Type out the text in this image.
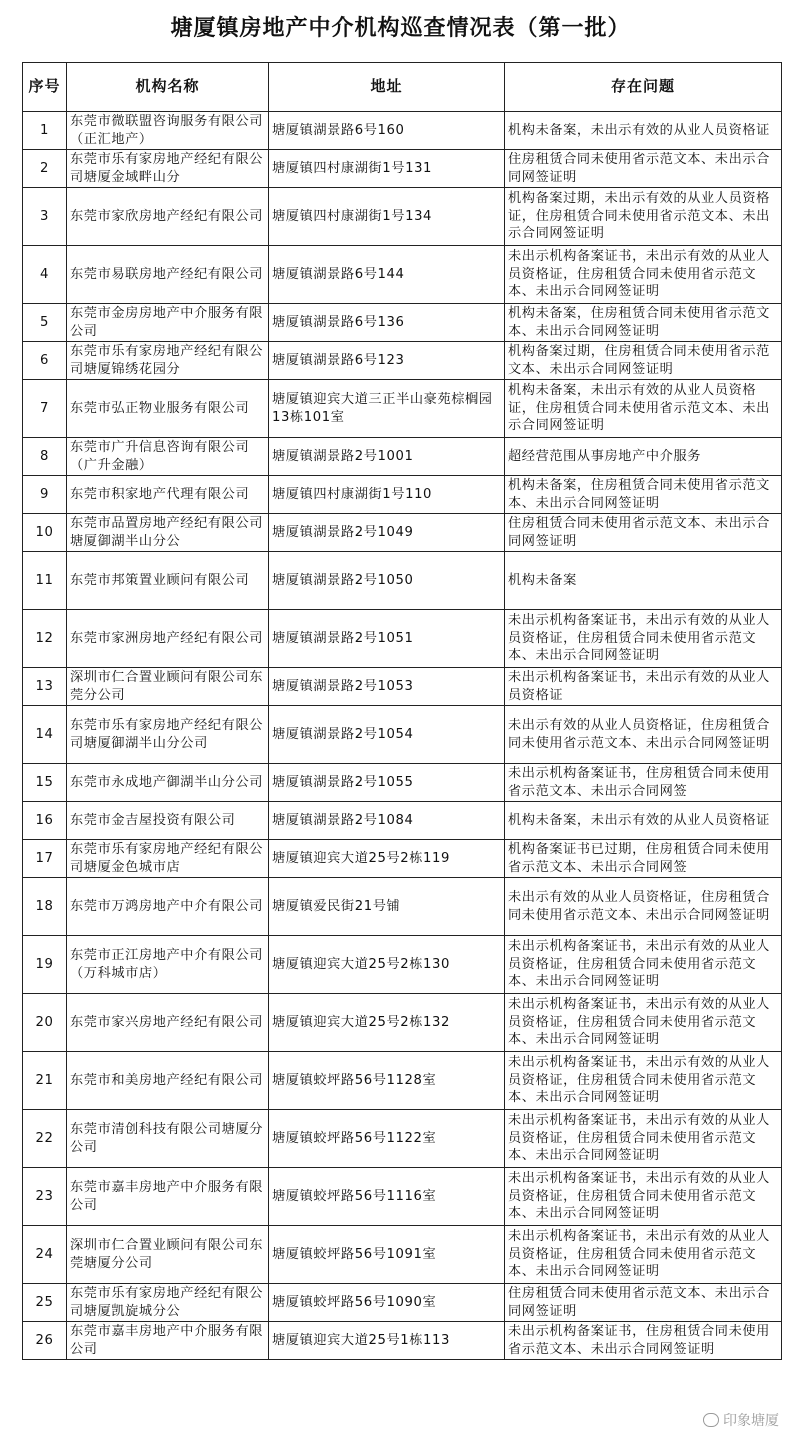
塘厦镇房地产中介机构巡查情况表（第一批）
序号	机构名称	地址	存在问题
1	东莞市微联盟咨询服务有限公司（正汇地产）	塘厦镇湖景路6号160	机构未备案，未出示有效的从业人员资格证
2	东莞市乐有家房地产经纪有限公司塘厦金域畔山分	塘厦镇四村康湖街1号131	住房租赁合同未使用省示范文本、未出示合同网签证明
3	东莞市家欣房地产经纪有限公司	塘厦镇四村康湖街1号134	机构备案过期，未出示有效的从业人员资格证，住房租赁合同未使用省示范文本、未出示合同网签证明
4	东莞市易联房地产经纪有限公司	塘厦镇湖景路6号144	未出示机构备案证书，未出示有效的从业人员资格证，住房租赁合同未使用省示范文本、未出示合同网签证明
5	东莞市金房房地产中介服务有限公司	塘厦镇湖景路6号136	机构未备案，住房租赁合同未使用省示范文本、未出示合同网签证明
6	东莞市乐有家房地产经纪有限公司塘厦锦绣花园分	塘厦镇湖景路6号123	机构备案过期，住房租赁合同未使用省示范文本、未出示合同网签证明
7	东莞市弘正物业服务有限公司	塘厦镇迎宾大道三正半山豪苑棕榈园13栋101室	机构未备案，未出示有效的从业人员资格证，住房租赁合同未使用省示范文本、未出示合同网签证明
8	东莞市广升信息咨询有限公司（广升金融）	塘厦镇湖景路2号1001	超经营范围从事房地产中介服务
9	东莞市积家地产代理有限公司	塘厦镇四村康湖街1号110	机构未备案，住房租赁合同未使用省示范文本、未出示合同网签证明
10	东莞市品置房地产经纪有限公司塘厦御湖半山分公	塘厦镇湖景路2号1049	住房租赁合同未使用省示范文本、未出示合同网签证明
11	东莞市邦策置业顾问有限公司	塘厦镇湖景路2号1050	机构未备案
12	东莞市家洲房地产经纪有限公司	塘厦镇湖景路2号1051	未出示机构备案证书，未出示有效的从业人员资格证，住房租赁合同未使用省示范文本、未出示合同网签证明
13	深圳市仁合置业顾问有限公司东莞分公司	塘厦镇湖景路2号1053	未出示机构备案证书，未出示有效的从业人员资格证
14	东莞市乐有家房地产经纪有限公司塘厦御湖半山分公司	塘厦镇湖景路2号1054	未出示有效的从业人员资格证，住房租赁合同未使用省示范文本、未出示合同网签证明
15	东莞市永成地产御湖半山分公司	塘厦镇湖景路2号1055	未出示机构备案证书，住房租赁合同未使用省示范文本、未出示合同网签
16	东莞市金吉屋投资有限公司	塘厦镇湖景路2号1084	机构未备案，未出示有效的从业人员资格证
17	东莞市乐有家房地产经纪有限公司塘厦金色城市店	塘厦镇迎宾大道25号2栋119	机构备案证书已过期，住房租赁合同未使用省示范文本、未出示合同网签
18	东莞市万鸿房地产中介有限公司	塘厦镇爱民街21号铺	未出示有效的从业人员资格证，住房租赁合同未使用省示范文本、未出示合同网签证明
19	东莞市正江房地产中介有限公司（万科城市店）	塘厦镇迎宾大道25号2栋130	未出示机构备案证书，未出示有效的从业人员资格证，住房租赁合同未使用省示范文本、未出示合同网签证明
20	东莞市家兴房地产经纪有限公司	塘厦镇迎宾大道25号2栋132	未出示机构备案证书，未出示有效的从业人员资格证，住房租赁合同未使用省示范文本、未出示合同网签证明
21	东莞市和美房地产经纪有限公司	塘厦镇蛟坪路56号1128室	未出示机构备案证书，未出示有效的从业人员资格证，住房租赁合同未使用省示范文本、未出示合同网签证明
22	东莞市清创科技有限公司塘厦分公司	塘厦镇蛟坪路56号1122室	未出示机构备案证书，未出示有效的从业人员资格证，住房租赁合同未使用省示范文本、未出示合同网签证明
23	东莞市嘉丰房地产中介服务有限公司	塘厦镇蛟坪路56号1116室	未出示机构备案证书，未出示有效的从业人员资格证，住房租赁合同未使用省示范文本、未出示合同网签证明
24	深圳市仁合置业顾问有限公司东莞塘厦分公司	塘厦镇蛟坪路56号1091室	未出示机构备案证书，未出示有效的从业人员资格证，住房租赁合同未使用省示范文本、未出示合同网签证明
25	东莞市乐有家房地产经纪有限公司塘厦凯旋城分公	塘厦镇蛟坪路56号1090室	住房租赁合同未使用省示范文本、未出示合同网签证明
26	东莞市嘉丰房地产中介服务有限公司	塘厦镇迎宾大道25号1栋113	未出示机构备案证书，住房租赁合同未使用省示范文本、未出示合同网签证明
印象塘厦
